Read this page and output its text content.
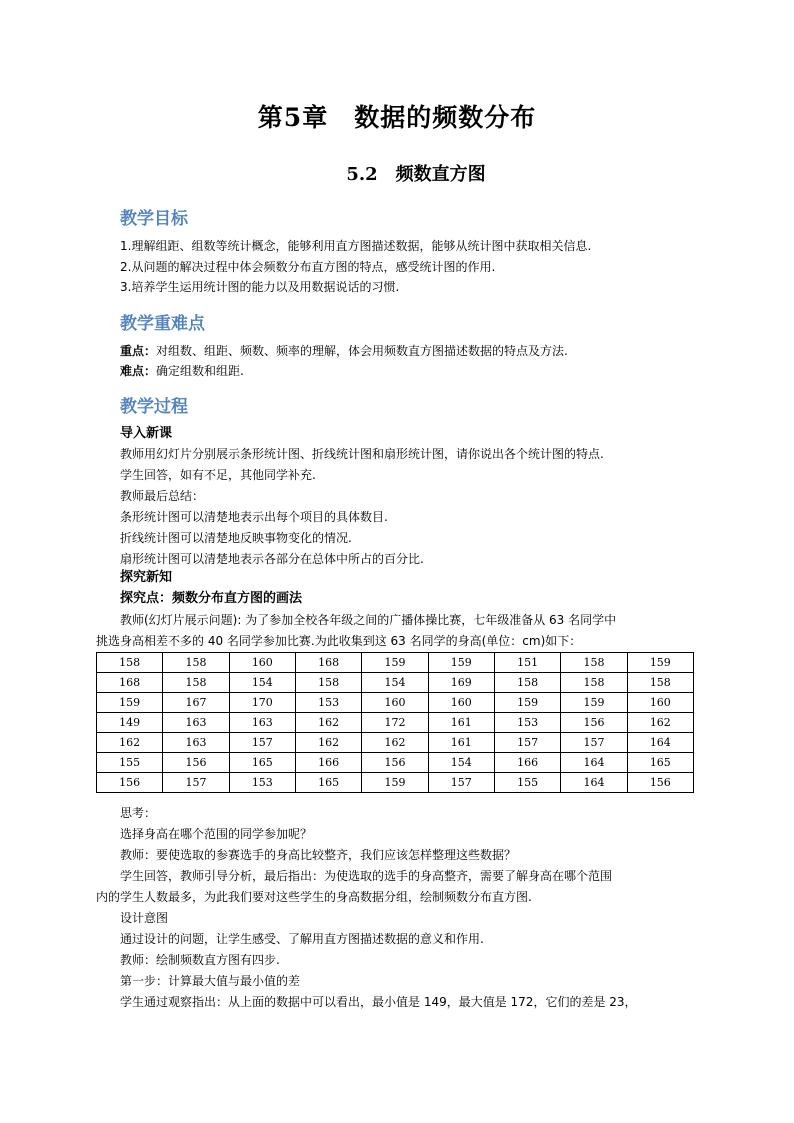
第5章　数据的频数分布
5.2　频数直方图
教学目标
1.理解组距、组数等统计概念，能够利用直方图描述数据，能够从统计图中获取相关信息.
2.从问题的解决过程中体会频数分布直方图的特点，感受统计图的作用.
3.培养学生运用统计图的能力以及用数据说话的习惯.
教学重难点
重点：对组数、组距、频数、频率的理解，体会用频数直方图描述数据的特点及方法.
难点：确定组数和组距.
教学过程
导入新课
教师用幻灯片分别展示条形统计图、折线统计图和扇形统计图，请你说出各个统计图的特点.
学生回答，如有不足，其他同学补充.
教师最后总结：
条形统计图可以清楚地表示出每个项目的具体数目.
折线统计图可以清楚地反映事物变化的情况.
扇形统计图可以清楚地表示各部分在总体中所占的百分比.
探究新知
探究点：频数分布直方图的画法
教师(幻灯片展示问题): 为了参加全校各年级之间的广播体操比赛，七年级准备从 63 名同学中
挑选身高相差不多的 40 名同学参加比赛.为此收集到这 63 名同学的身高(单位：cm)如下：
158	158	160	168	159	159	151	158	159
168	158	154	158	154	169	158	158	158
159	167	170	153	160	160	159	159	160
149	163	163	162	172	161	153	156	162
162	163	157	162	162	161	157	157	164
155	156	165	166	156	154	166	164	165
156	157	153	165	159	157	155	164	156
思考：
选择身高在哪个范围的同学参加呢？
教师：要使选取的参赛选手的身高比较整齐，我们应该怎样整理这些数据？
学生回答，教师引导分析，最后指出：为使选取的选手的身高整齐，需要了解身高在哪个范围
内的学生人数最多，为此我们要对这些学生的身高数据分组，绘制频数分布直方图.
设计意图
通过设计的问题，让学生感受、了解用直方图描述数据的意义和作用.
教师：绘制频数直方图有四步.
第一步：计算最大值与最小值的差
学生通过观察指出：从上面的数据中可以看出，最小值是 149，最大值是 172，它们的差是 23，
